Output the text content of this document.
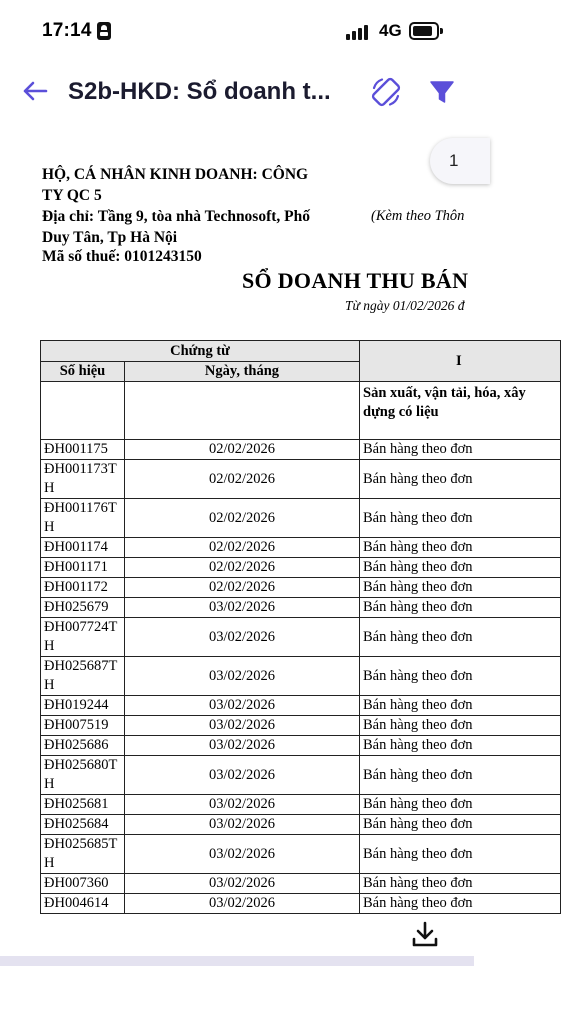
17:14	4G
S2b-HKD: Sổ doanh t...
HỘ, CÁ NHÂN KINH DOANH: CÔNG
TY QC 5
Địa chỉ: Tầng 9, tòa nhà Technosoft, Phố
Duy Tân, Tp Hà Nội
Mã số thuế: 0101243150
(Kèm theo Thôn
SỔ DOANH THU BÁN
Từ ngày 01/02/2026 đ
Chứng từ		I
Số hiệu	Ngày, tháng	
		Sản xuất, vận tải, hóa, xây dựng có liệu
ĐH001175	02/02/2026	Bán hàng theo đơn
ĐH001173TH	02/02/2026	Bán hàng theo đơn
ĐH001176TH	02/02/2026	Bán hàng theo đơn
ĐH001174	02/02/2026	Bán hàng theo đơn
ĐH001171	02/02/2026	Bán hàng theo đơn
ĐH001172	02/02/2026	Bán hàng theo đơn
ĐH025679	03/02/2026	Bán hàng theo đơn
ĐH007724TH	03/02/2026	Bán hàng theo đơn
ĐH025687TH	03/02/2026	Bán hàng theo đơn
ĐH019244	03/02/2026	Bán hàng theo đơn
ĐH007519	03/02/2026	Bán hàng theo đơn
ĐH025686	03/02/2026	Bán hàng theo đơn
ĐH025680TH	03/02/2026	Bán hàng theo đơn
ĐH025681	03/02/2026	Bán hàng theo đơn
ĐH025684	03/02/2026	Bán hàng theo đơn
ĐH025685TH	03/02/2026	Bán hàng theo đơn
ĐH007360	03/02/2026	Bán hàng theo đơn
ĐH004614	03/02/2026	Bán hàng theo đơn
1
